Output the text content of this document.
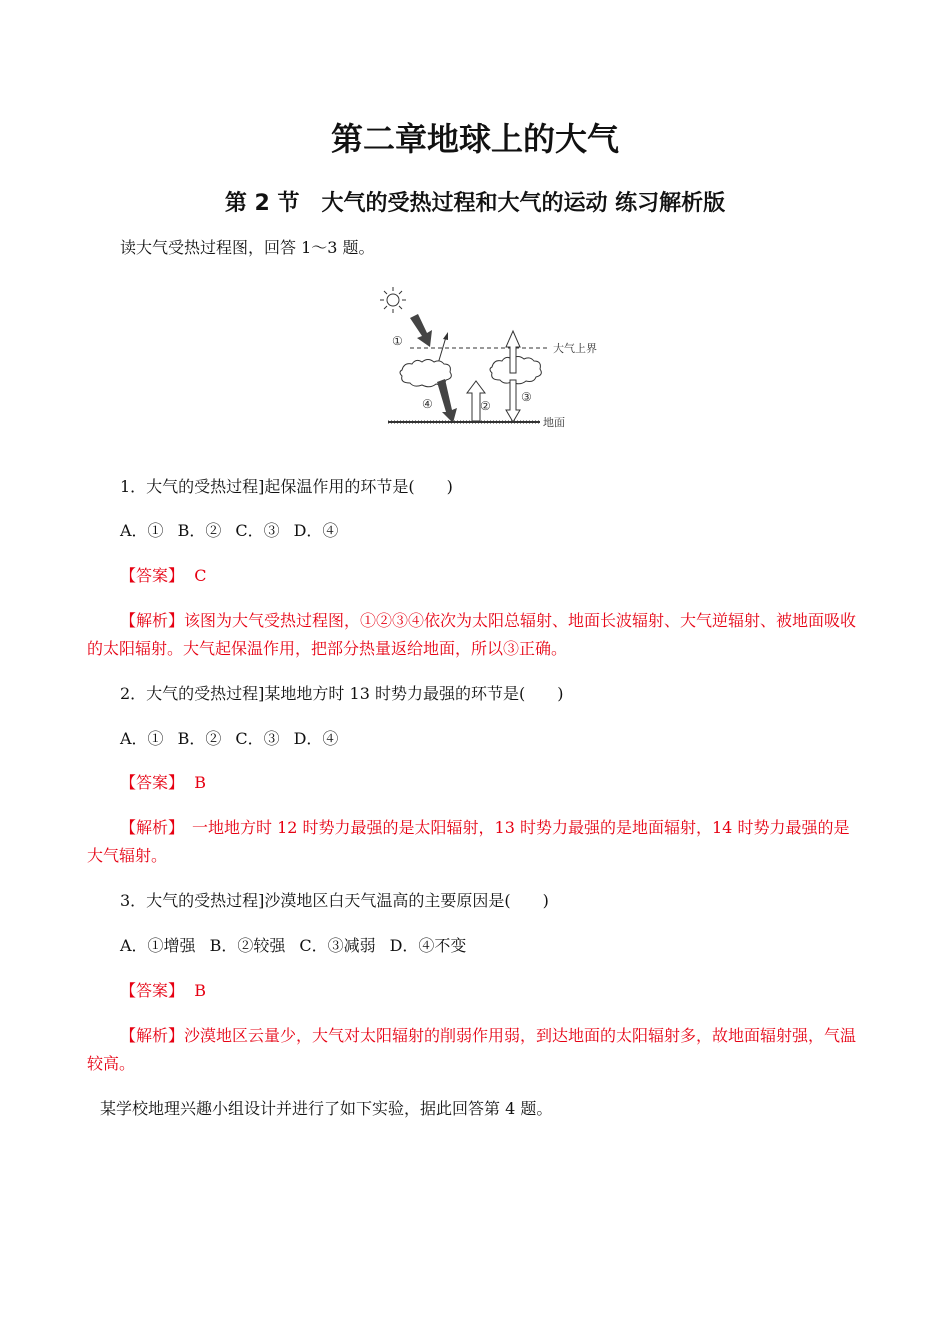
第二章地球上的大气
第 2 节　大气的受热过程和大气的运动 练习解析版
读大气受热过程图，回答 1～3 题。
大气上界
地面
①
②
③
④
1．大气的受热过程]起保温作用的环节是(　　)
A．① B．② C．③ D．④
【答案】 C
【解析】该图为大气受热过程图，①②③④依次为太阳总辐射、地面长波辐射、大气逆辐射、被地面吸收的太阳辐射。大气起保温作用，把部分热量返给地面，所以③正确。
2．大气的受热过程]某地地方时 13 时势力最强的环节是(　　)
A．① B．② C．③ D．④
【答案】 B
【解析】　一地地方时 12 时势力最强的是太阳辐射，13 时势力最强的是地面辐射，14 时势力最强的是大气辐射。
3．大气的受热过程]沙漠地区白天气温高的主要原因是(　　)
A．①增强 B．②较强 C．③减弱 D．④不变
【答案】 B
【解析】沙漠地区云量少，大气对太阳辐射的削弱作用弱，到达地面的太阳辐射多，故地面辐射强，气温较高。
某学校地理兴趣小组设计并进行了如下实验，据此回答第 4 题。
